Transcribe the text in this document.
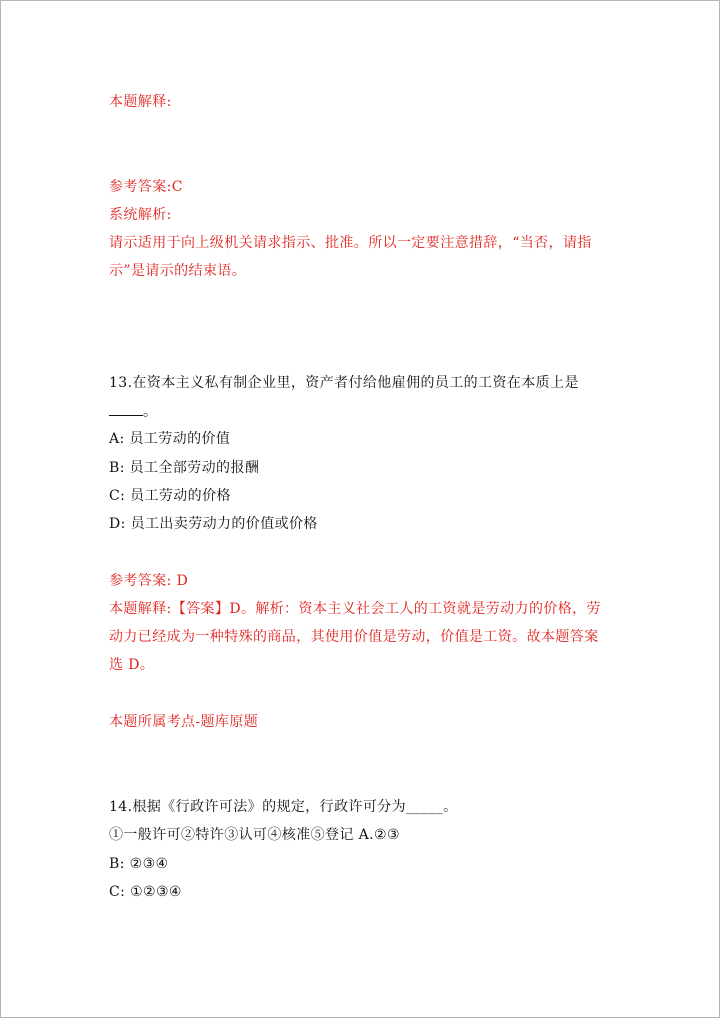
本题解释:
参考答案:C
系统解析:
请示适用于向上级机关请求指示、批准。所以一定要注意措辞，“当否，请指
示”是请示的结束语。
13.在资本主义私有制企业里，资产者付给他雇佣的员工的工资在本质上是
。
A: 员工劳动的价值
B: 员工全部劳动的报酬
C: 员工劳动的价格
D: 员工出卖劳动力的价值或价格
参考答案: D
本题解释:【答案】D。解析：资本主义社会工人的工资就是劳动力的价格，劳
动力已经成为一种特殊的商品，其使用价值是劳动，价值是工资。故本题答案
选 D。
本题所属考点-题库原题
14.根据《行政许可法》的规定，行政许可分为_____。
①一般许可②特许③认可④核准⑤登记 A.②③
B: ②③④
C: ①②③④
